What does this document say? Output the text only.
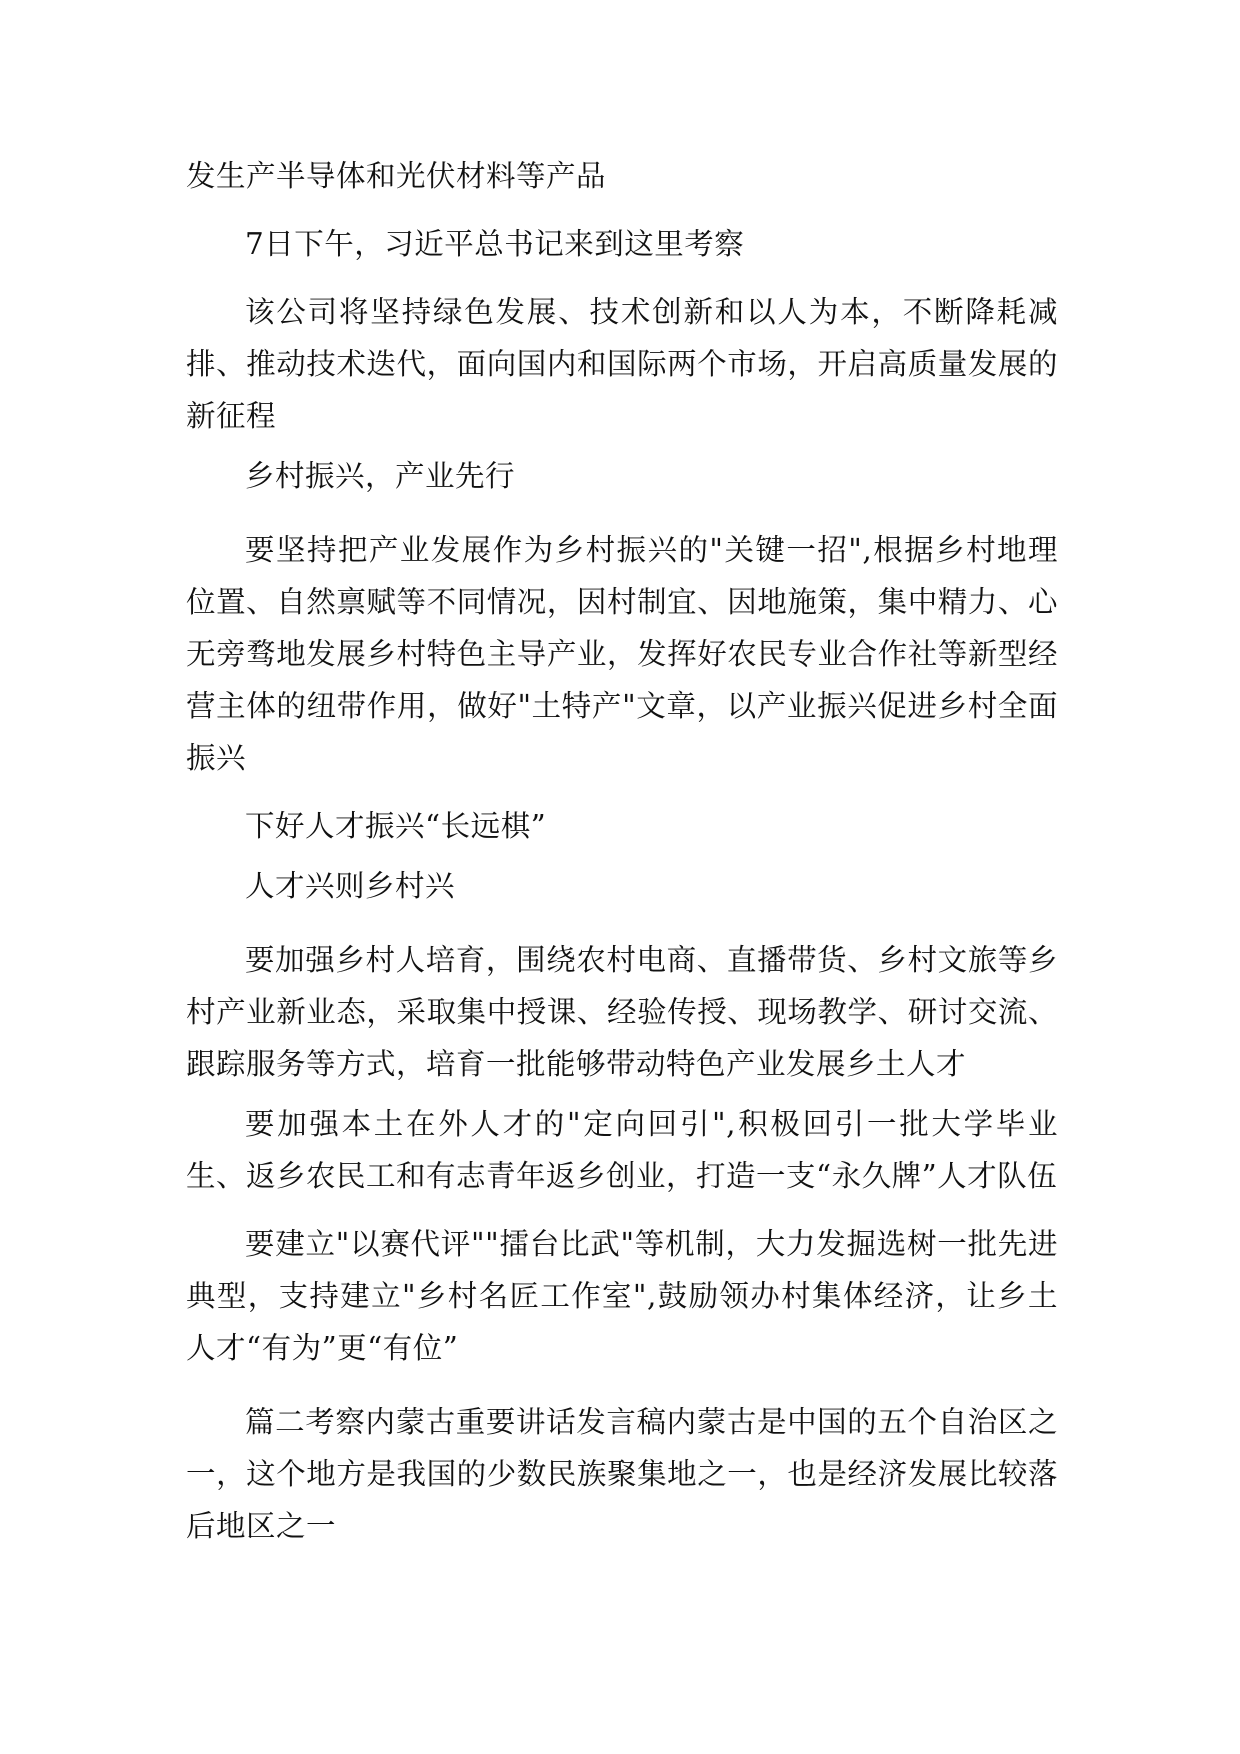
发生产半导体和光伏材料等产品

7日下午，习近平总书记来到这里考察

该公司将坚持绿色发展、技术创新和以人为本，不断降耗减排、推动技术迭代，面向国内和国际两个市场，开启高质量发展的新征程

乡村振兴，产业先行

要坚持把产业发展作为乡村振兴的"关键一招",根据乡村地理位置、自然禀赋等不同情况，因村制宜、因地施策，集中精力、心无旁骛地发展乡村特色主导产业，发挥好农民专业合作社等新型经营主体的纽带作用，做好"土特产"文章，以产业振兴促进乡村全面振兴

下好人才振兴“长远棋”

人才兴则乡村兴

要加强乡村人培育，围绕农村电商、直播带货、乡村文旅等乡村产业新业态，采取集中授课、经验传授、现场教学、研讨交流、跟踪服务等方式，培育一批能够带动特色产业发展乡土人才

要加强本土在外人才的"定向回引",积极回引一批大学毕业生、返乡农民工和有志青年返乡创业，打造一支“永久牌”人才队伍

要建立"以赛代评""擂台比武"等机制，大力发掘选树一批先进典型，支持建立"乡村名匠工作室",鼓励领办村集体经济，让乡土人才“有为”更“有位”

篇二考察内蒙古重要讲话发言稿内蒙古是中国的五个自治区之一，这个地方是我国的少数民族聚集地之一，也是经济发展比较落后地区之一
